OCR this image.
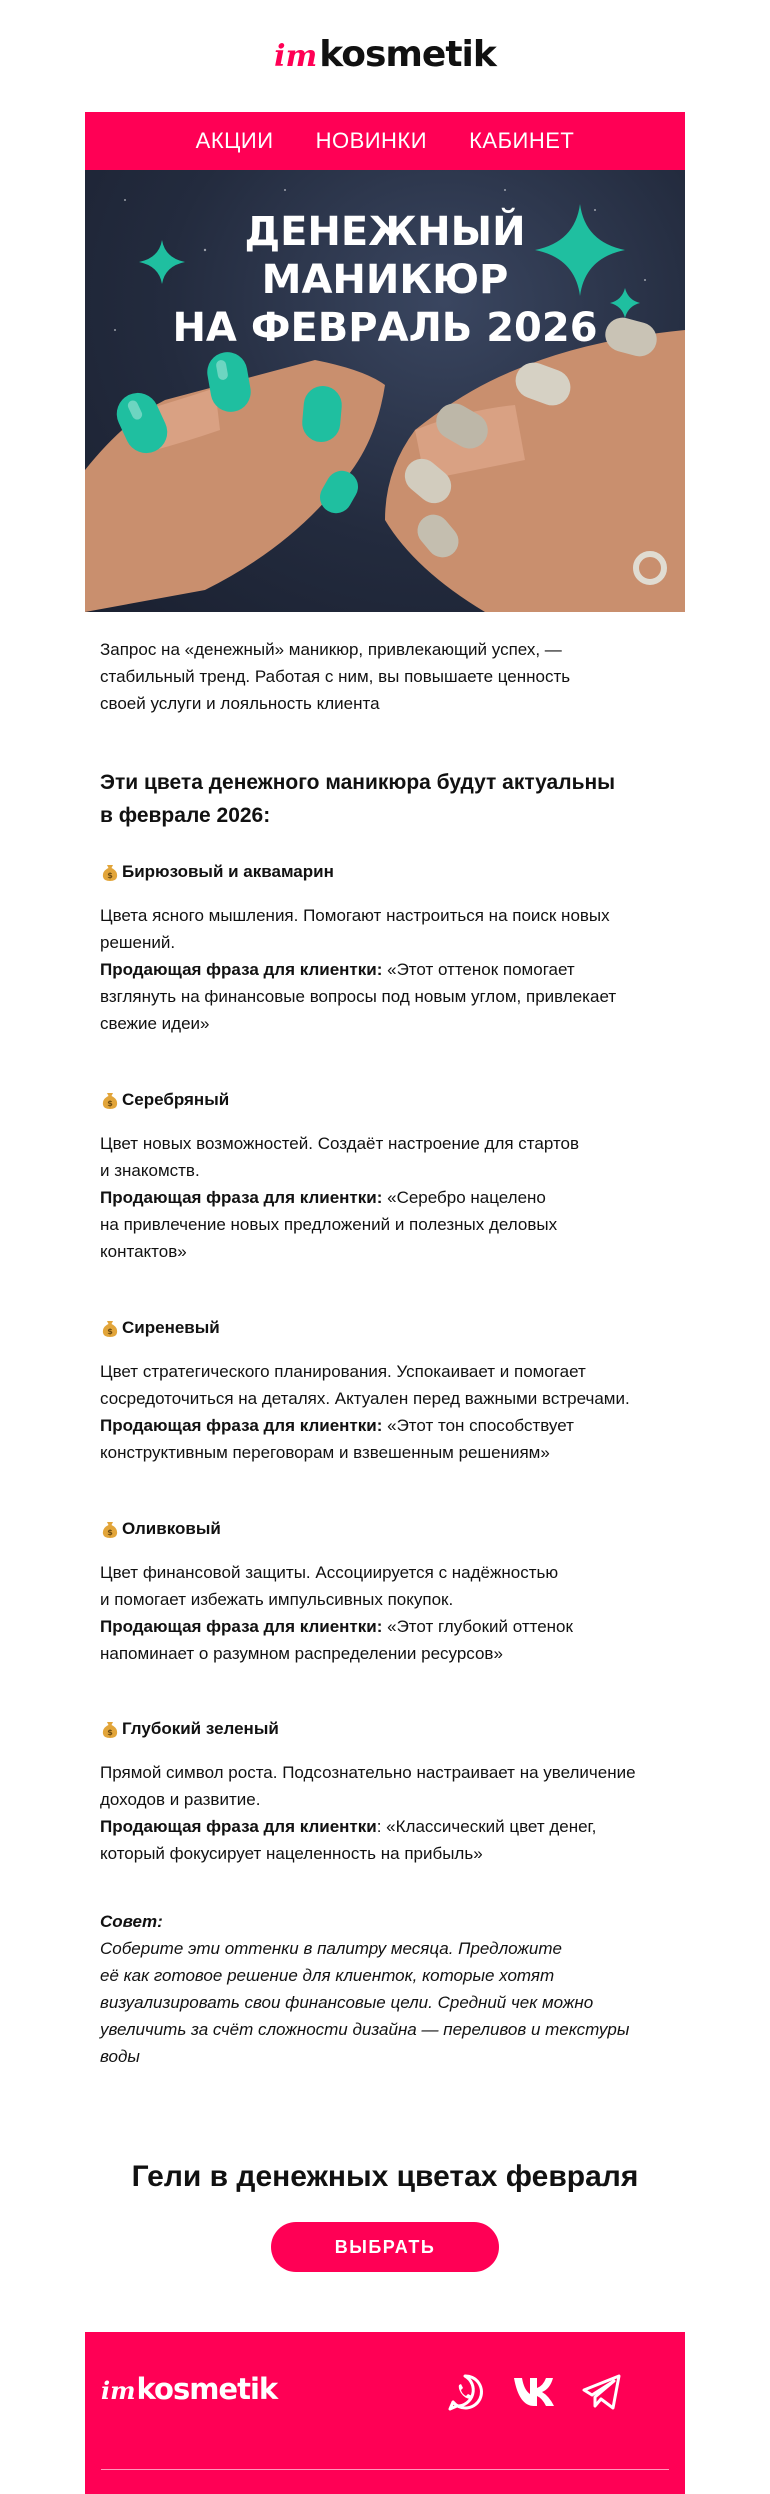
im kosmetik
АКЦИИ НОВИНКИ КАБИНЕТ
ДЕНЕЖНЫЙ
МАНИКЮР
НА ФЕВРАЛЬ 2026
Запрос на «денежный» маникюр, привлекающий успех, —
стабильный тренд. Работая с ним, вы повышаете ценность
своей услуги и лояльность клиента
Эти цвета денежного маникюра будут актуальны
в феврале 2026:
$ Бирюзовый и аквамарин
Цвета ясного мышления. Помогают настроиться на поиск новых
решений.
Продающая фраза для клиентки: «Этот оттенок помогает
взглянуть на финансовые вопросы под новым углом, привлекает
свежие идеи»
$ Серебряный
Цвет новых возможностей. Создаёт настроение для стартов
и знакомств.
Продающая фраза для клиентки: «Серебро нацелено
на привлечение новых предложений и полезных деловых
контактов»
$ Сиреневый
Цвет стратегического планирования. Успокаивает и помогает
сосредоточиться на деталях. Актуален перед важными встречами.
Продающая фраза для клиентки: «Этот тон способствует
конструктивным переговорам и взвешенным решениям»
$ Оливковый
Цвет финансовой защиты. Ассоциируется с надёжностью
и помогает избежать импульсивных покупок.
Продающая фраза для клиентки: «Этот глубокий оттенок
напоминает о разумном распределении ресурсов»
$ Глубокий зеленый
Прямой символ роста. Подсознательно настраивает на увеличение
доходов и развитие.
Продающая фраза для клиентки: «Классический цвет денег,
который фокусирует нацеленность на прибыль»
Совет:
Соберите эти оттенки в палитру месяца. Предложите
её как готовое решение для клиенток, которые хотят
визуализировать свои финансовые цели. Средний чек можно
увеличить за счёт сложности дизайна — переливов и текстуры
воды
Гели в денежных цветах февраля
ВЫБРАТЬ
im kosmetik
